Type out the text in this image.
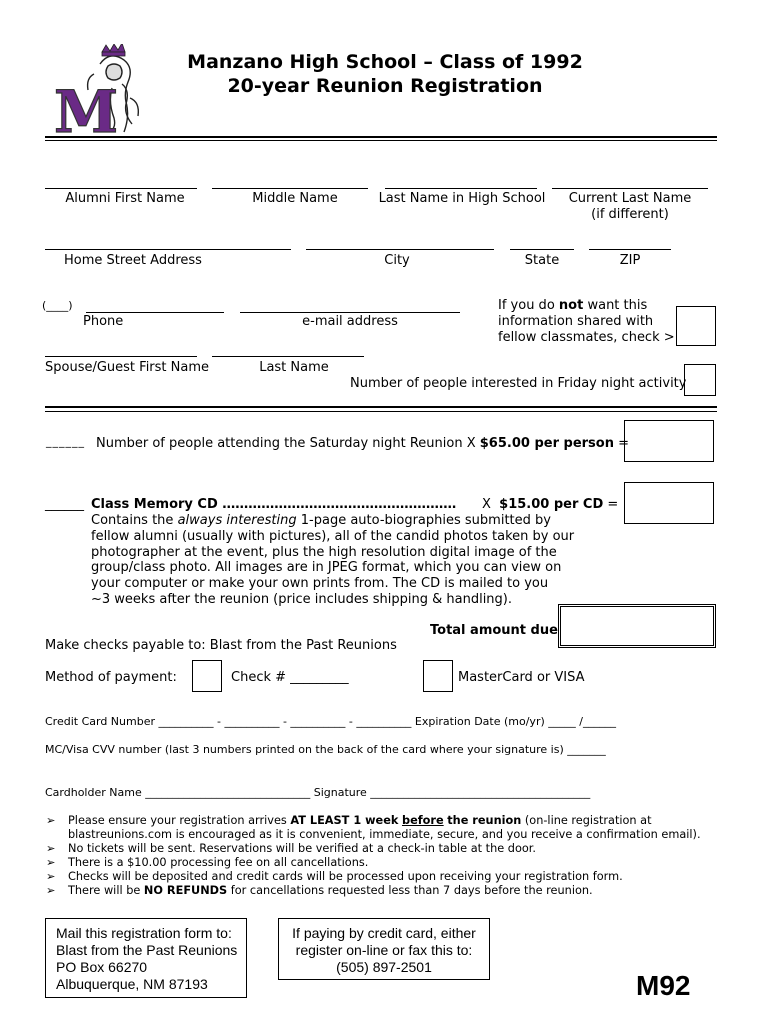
M
Manzano High School – Class of 1992
20-year Reunion Registration
Alumni First Name	Middle Name	Last Name in High School	Current Last Name
(if different)
Home Street Address	City	State	ZIP
(____)
Phone	e-mail address
If you do not want this
information shared with
fellow classmates, check >
Spouse/Guest First Name	Last Name
Number of people interested in Friday night activity
______ Number of people attending the Saturday night Reunion X $65.00 per person =
______ Class Memory CD ……………………………………………… X $15.00 per CD =
Contains the always interesting 1-page auto-biographies submitted by
fellow alumni (usually with pictures), all of the candid photos taken by our
photographer at the event, plus the high resolution digital image of the
group/class photo. All images are in JPEG format, which you can view on
your computer or make your own prints from. The CD is mailed to you
~3 weeks after the reunion (price includes shipping & handling).
Total amount due
Make checks payable to: Blast from the Past Reunions
Method of payment:	Check # _________	MasterCard or VISA
Credit Card Number __________ - __________ - __________ - __________ Expiration Date (mo/yr) _____ /______
MC/Visa CVV number (last 3 numbers printed on the back of the card where your signature is) _______
Cardholder Name ______________________________ Signature ________________________________________
➢ Please ensure your registration arrives AT LEAST 1 week before the reunion (on-line registration at
blastreunions.com is encouraged as it is convenient, immediate, secure, and you receive a confirmation email).
➢ No tickets will be sent. Reservations will be verified at a check-in table at the door.
➢ There is a $10.00 processing fee on all cancellations.
➢ Checks will be deposited and credit cards will be processed upon receiving your registration form.
➢ There will be NO REFUNDS for cancellations requested less than 7 days before the reunion.
Mail this registration form to:
Blast from the Past Reunions
PO Box 66270
Albuquerque, NM 87193
If paying by credit card, either
register on-line or fax this to:
(505) 897-2501
M92
